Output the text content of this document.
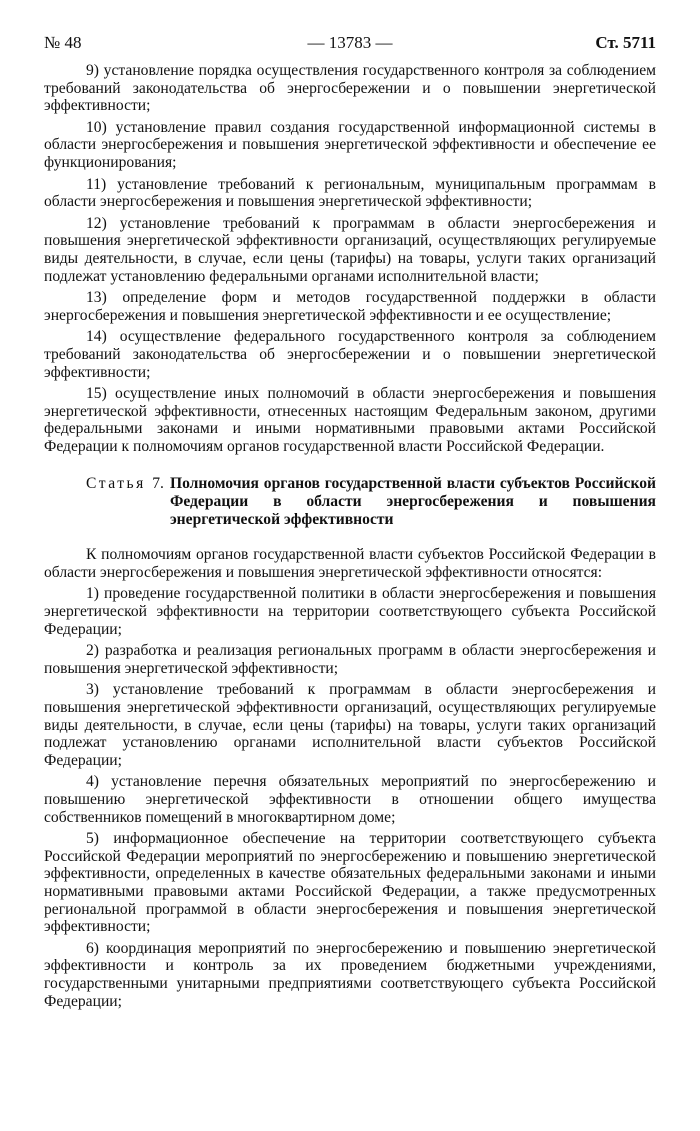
№ 48	— 13783 —	Ст. 5711

9) установление порядка осуществления государственного контроля за соблюдением требований законодательства об энергосбережении и о повышении энергетической эффективности;

10) установление правил создания государственной информационной системы в области энергосбережения и повышения энергетической эффективности и обеспечение ее функционирования;

11) установление требований к региональным, муниципальным программам в области энергосбережения и повышения энергетической эффективности;

12) установление требований к программам в области энергосбережения и повышения энергетической эффективности организаций, осуществляющих регулируемые виды деятельности, в случае, если цены (тарифы) на товары, услуги таких организаций подлежат установлению федеральными органами исполнительной власти;

13) определение форм и методов государственной поддержки в области энергосбережения и повышения энергетической эффективности и ее осуществление;

14) осуществление федерального государственного контроля за соблюдением требований законодательства об энергосбережении и о повышении энергетической эффективности;

15) осуществление иных полномочий в области энергосбережения и повышения энергетической эффективности, отнесенных настоящим Федеральным законом, другими федеральными законами и иными нормативными правовыми актами Российской Федерации к полномочиям органов государственной власти Российской Федерации.

Статья 7. Полномочия органов государственной власти субъектов Российской Федерации в области энергосбережения и повышения энергетической эффективности

К полномочиям органов государственной власти субъектов Российской Федерации в области энергосбережения и повышения энергетической эффективности относятся:

1) проведение государственной политики в области энергосбережения и повышения энергетической эффективности на территории соответствующего субъекта Российской Федерации;

2) разработка и реализация региональных программ в области энергосбережения и повышения энергетической эффективности;

3) установление требований к программам в области энергосбережения и повышения энергетической эффективности организаций, осуществляющих регулируемые виды деятельности, в случае, если цены (тарифы) на товары, услуги таких организаций подлежат установлению органами исполнительной власти субъектов Российской Федерации;

4) установление перечня обязательных мероприятий по энергосбережению и повышению энергетической эффективности в отношении общего имущества собственников помещений в многоквартирном доме;

5) информационное обеспечение на территории соответствующего субъекта Российской Федерации мероприятий по энергосбережению и повышению энергетической эффективности, определенных в качестве обязательных федеральными законами и иными нормативными правовыми актами Российской Федерации, а также предусмотренных региональной программой в области энергосбережения и повышения энергетической эффективности;

6) координация мероприятий по энергосбережению и повышению энергетической эффективности и контроль за их проведением бюджетными учреждениями, государственными унитарными предприятиями соответствующего субъекта Российской Федерации;
